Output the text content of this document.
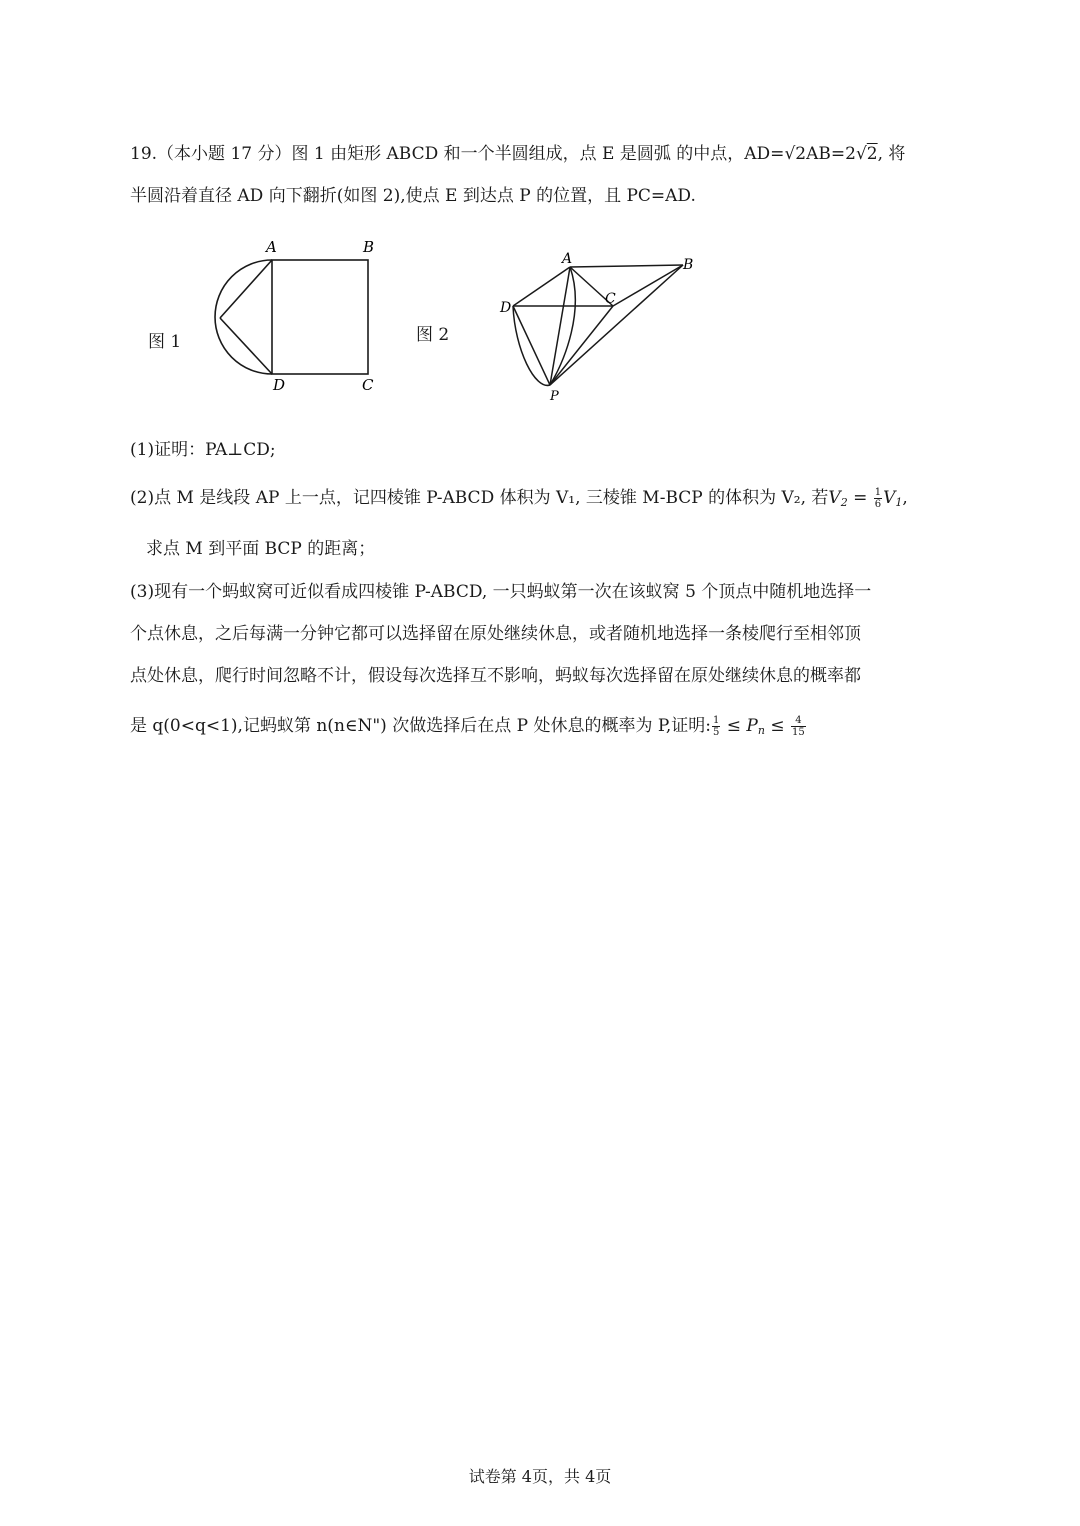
19.（本小题 17 分）图 1 由矩形 ABCD 和一个半圆组成，点 E 是圆弧 的中点，AD=√2AB=2√2, 将
半圆沿着直径 AD 向下翻折(如图 2),使点 E 到达点 P 的位置，且 PC=AD.
图 1
A	B
C
D
图 2
A	B
C
D
P
(1)证明：PA⊥CD;
(2)点 M 是线段 AP 上一点，记四棱锥 P-ABCD 体积为 V₁, 三棱锥 M-BCP 的体积为 V₂, 若$V_2 = \frac{1}{6} V_1$,
求点 M 到平面 BCP 的距离；
(3)现有一个蚂蚁窝可近似看成四棱锥 P-ABCD, 一只蚂蚁第一次在该蚁窝 5 个顶点中随机地选择一
个点休息，之后每满一分钟它都可以选择留在原处继续休息，或者随机地选择一条棱爬行至相邻顶
点处休息，爬行时间忽略不计，假设每次选择互不影响，蚂蚁每次选择留在原处继续休息的概率都
是 q(0<q<1),记蚂蚁第 n(n∈N") 次做选择后在点 P 处休息的概率为 P,证明: $\frac{1}{5} \le P_n \le \frac{4}{15}$
试卷第 4页，共 4页
